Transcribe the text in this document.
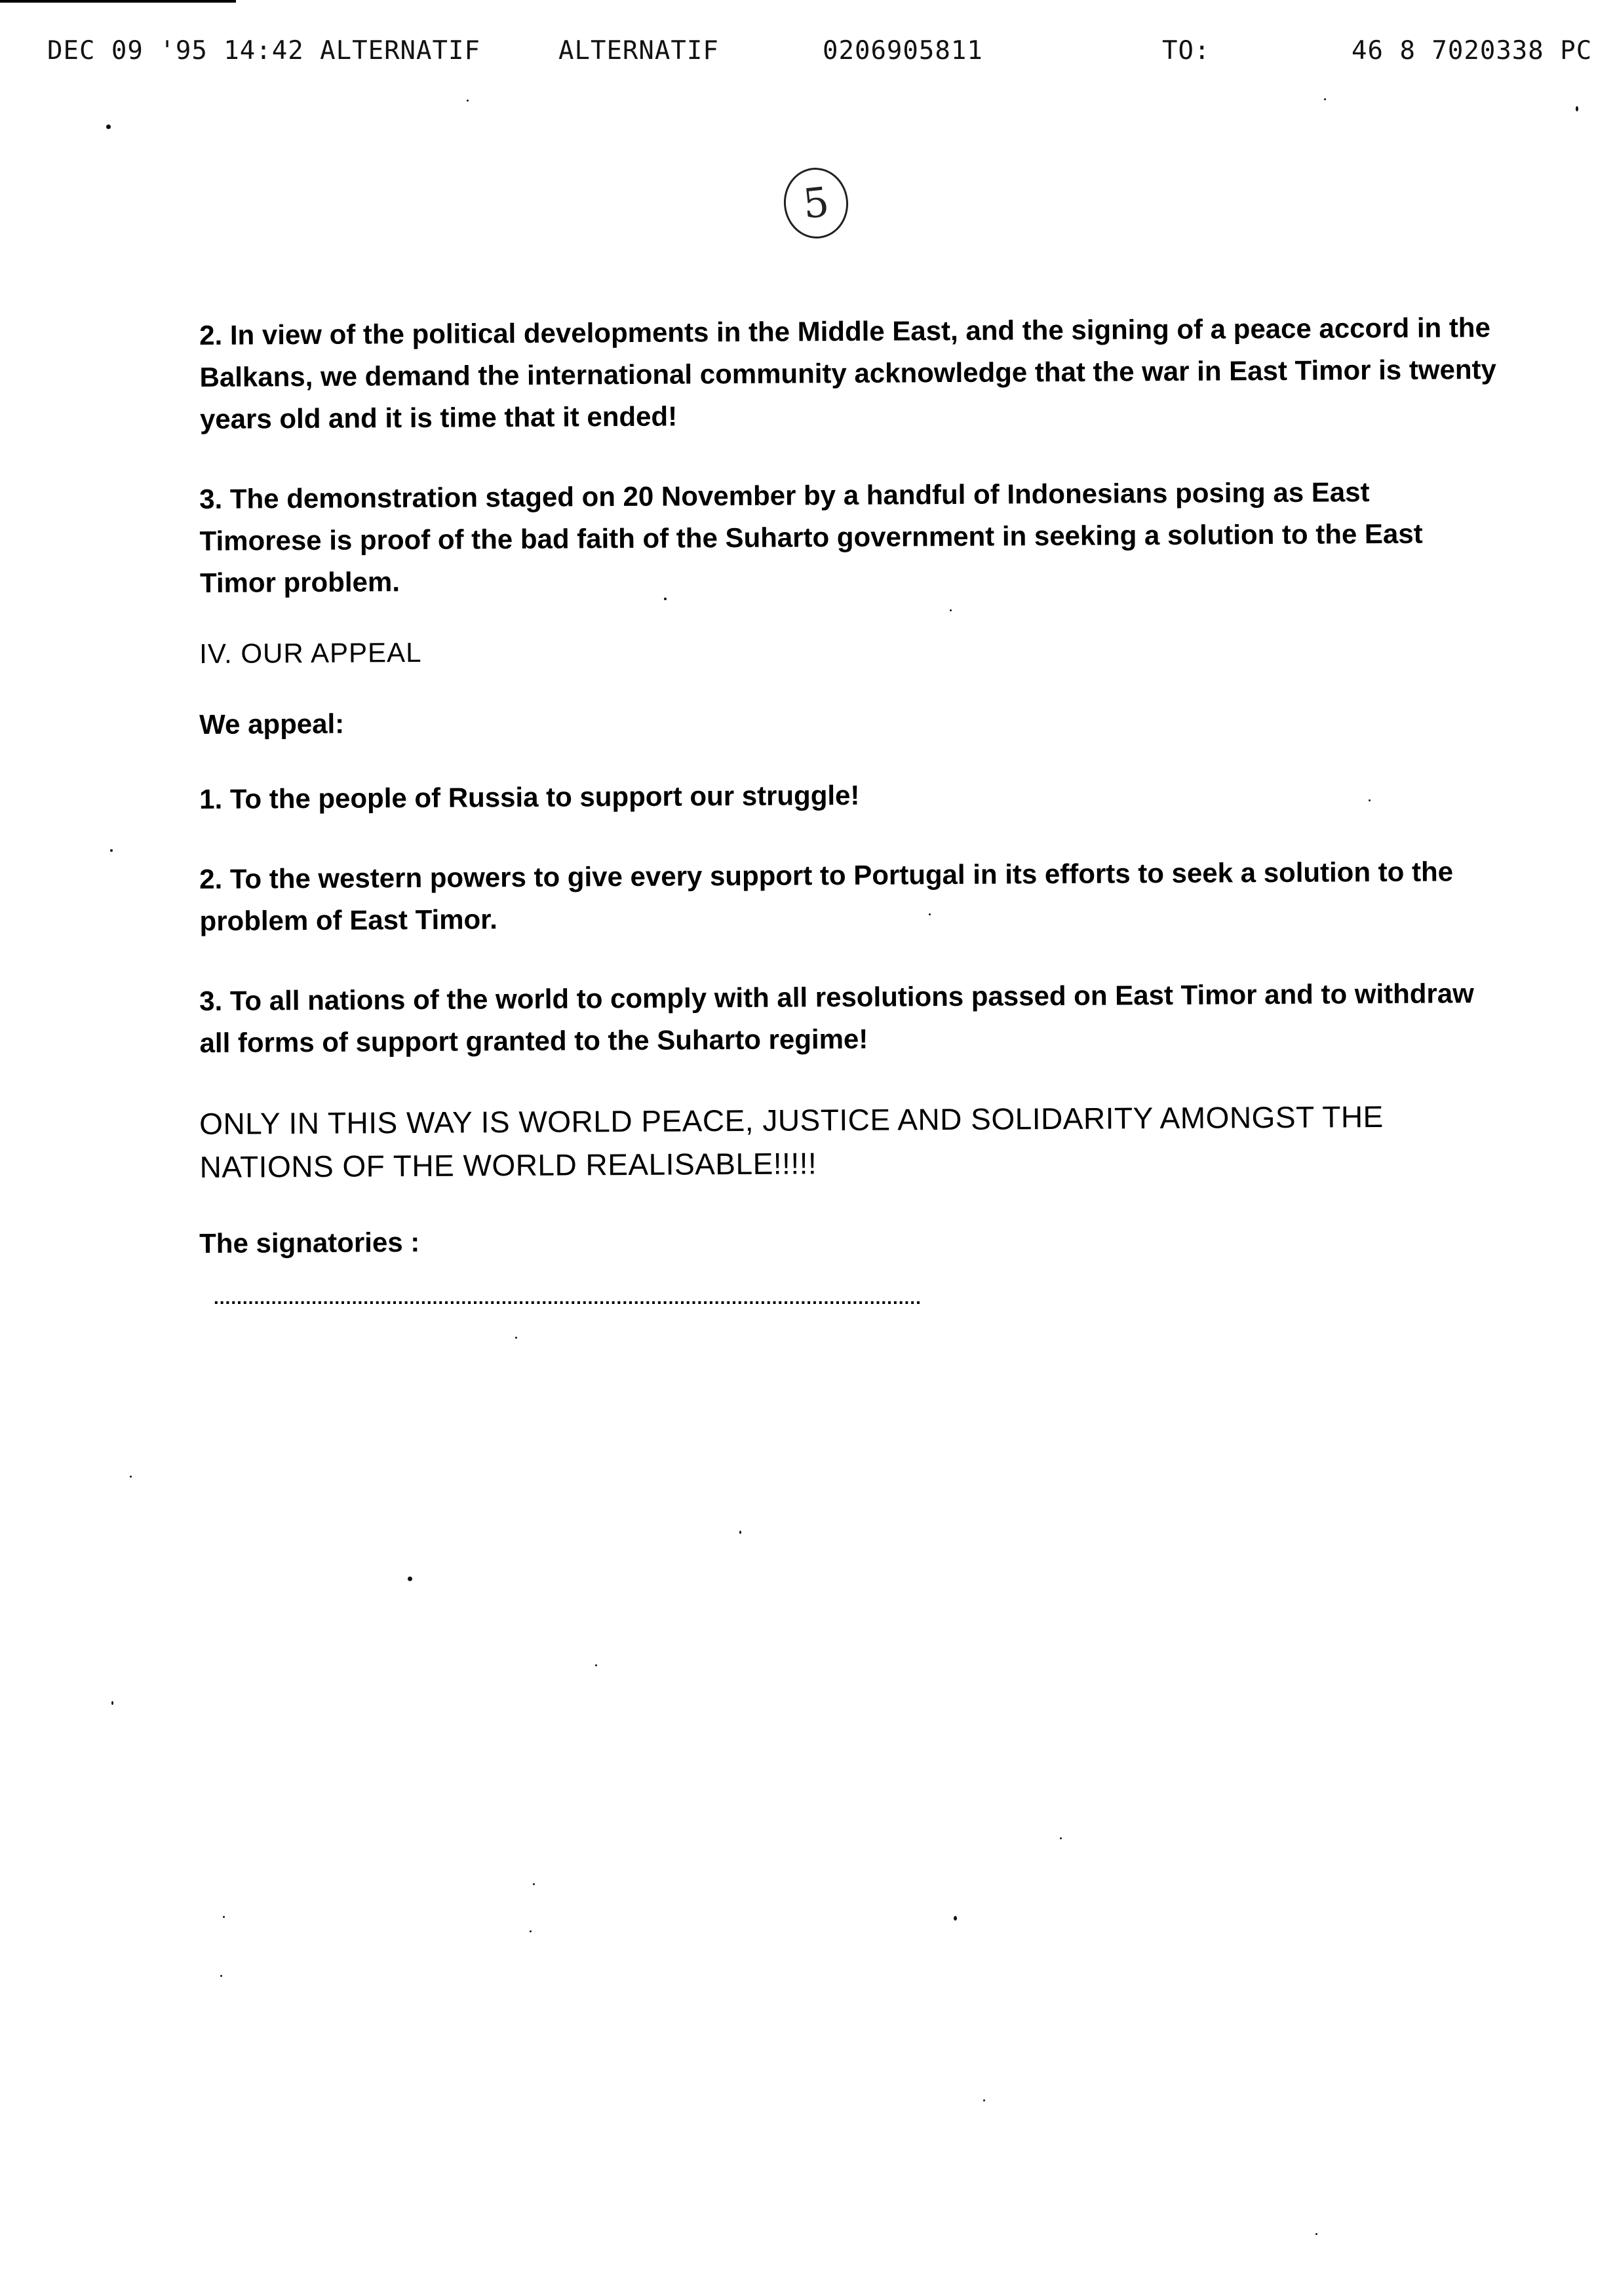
DEC 09 '95 14:42 ALTERNATIF	ALTERNATIF	0206905811	TO:	46 8 7020338 PC
5

2. In view of the political developments in the Middle East, and the signing of a peace accord in the Balkans, we demand the international community acknowledge that the war in East Timor is twenty years old and it is time that it ended!

3. The demonstration staged on 20 November by a handful of Indonesians posing as East Timorese is proof of the bad faith of the Suharto government in seeking a solution to the East Timor problem.

IV. OUR APPEAL

We appeal:

1. To the people of Russia to support our struggle!

2. To the western powers to give every support to Portugal in its efforts to seek a solution to the problem of East Timor.

3. To all nations of the world to comply with all resolutions passed on East Timor and to withdraw all forms of support granted to the Suharto regime!

ONLY IN THIS WAY IS WORLD PEACE, JUSTICE AND SOLIDARITY AMONGST THE NATIONS OF THE WORLD REALISABLE!!!!!

The signatories :

...........................................................................................................................
